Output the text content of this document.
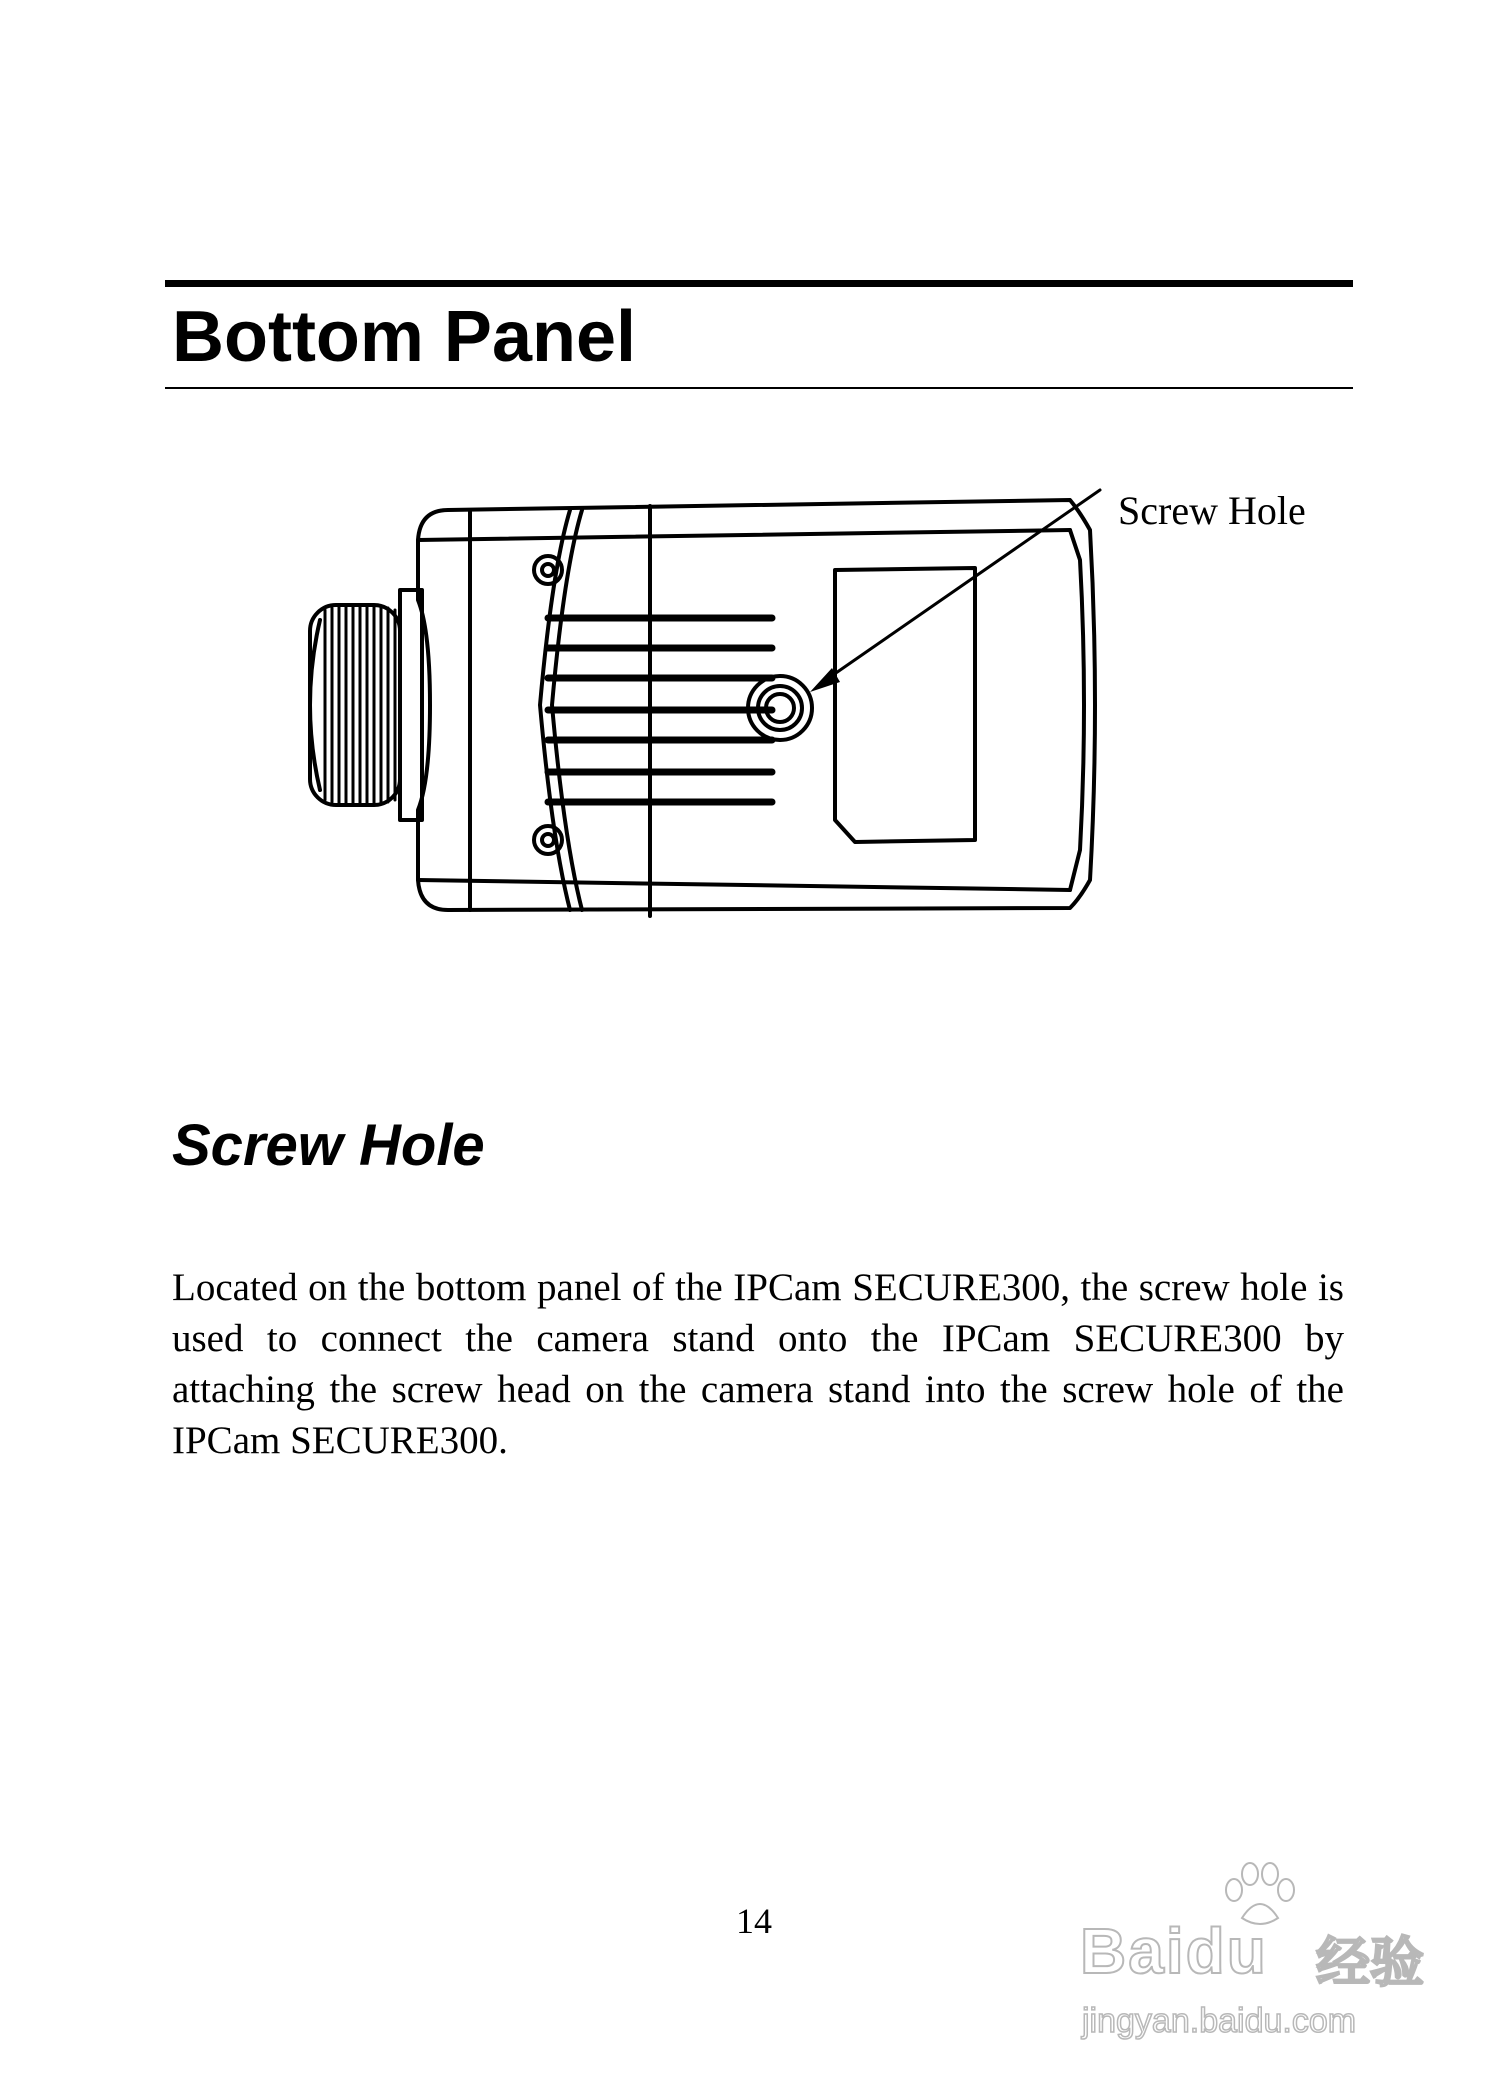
Bottom Panel
Screw Hole
Screw Hole

Located on the bottom panel of the IPCam SECURE300, the screw hole is used to connect the camera stand onto the IPCam SECURE300 by attaching the screw head on the camera stand into the screw hole of the IPCam SECURE300.

14	Baidu 经验
jingyan.baidu.com
